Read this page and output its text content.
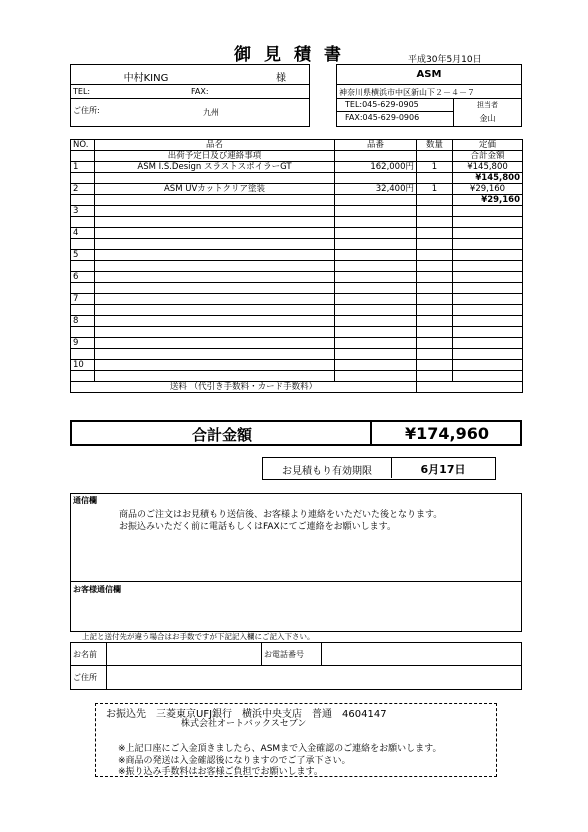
御見積書	平成30年5月10日
中村KING	様
TEL:	FAX:
ご住所:	九州
ASM
神奈川県横浜市中区新山下２－４－７
TEL:045-629-0905
FAX:045-629-0906
担当者
金山
NO.	品名	品番	数量	定価
	出荷予定日及び連絡事項			合計金額
1	ASM I.S.Design スラストスポイラーGT	162,000円	1	¥145,800
				¥145,800
2	ASM UVカットクリア塗装	32,400円	1	¥29,160
				¥29,160
3				

4				

5				

6				

7				

8				

9				

10				

送料 （代引き手数料・カード手数料）				
合計金額	¥174,960
お見積もり有効期限	6月17日
通信欄
商品のご注文はお見積もり送信後、お客様より連絡をいただいた後となります。
お振込みいただく前に電話もしくはFAXにてご連絡をお願いします。
お客様通信欄
上記と送付先が違う場合はお手数ですが下記記入欄にご記入下さい。
お名前	お電話番号
ご住所
お振込先　三菱東京UFJ銀行　横浜中央支店　普通　4604147
株式会社オートバックスセブン
※上記口座にご入金頂きましたら、ASMまで入金確認のご連絡をお願いします。
※商品の発送は入金確認後になりますのでご了承下さい。
※振り込み手数料はお客様ご負担でお願いします。
